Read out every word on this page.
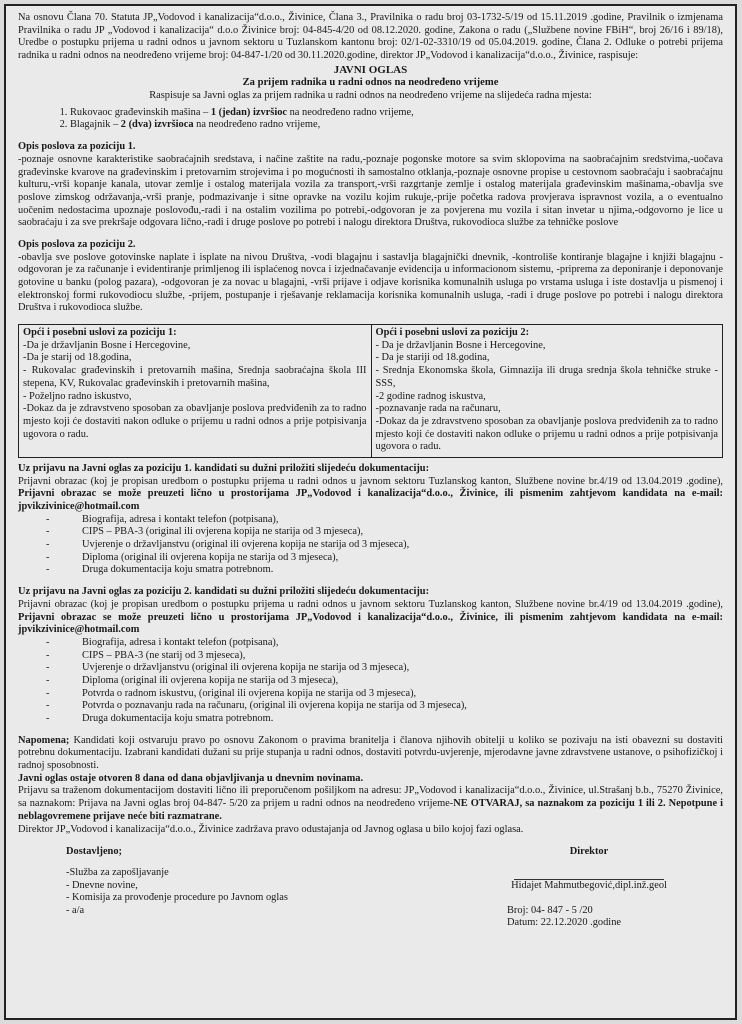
Na osnovu Člana 70. Statuta JP„Vodovod i kanalizacija“d.o.o., Živinice, Člana 3., Pravilnika o radu broj 03-1732-5/19 od 15.11.2019 .godine, Pravilnik o izmjenama Pravilnika o radu JP „Vodovod i kanalizacija“ d.o.o Živinice broj: 04-845-4/20 od 08.12.2020. godine, Zakona o radu („Službene novine FBiH“, broj 26/16 i 89/18), Uredbe o postupku prijema u radni odnos u javnom sektoru u Tuzlanskom kantonu broj: 02/1-02-3310/19 od 05.04.2019. godine, Člana 2. Odluke o potrebi prijema radnika u radni odnos na neodređeno vrijeme broj: 04-847-1/20 od 30.11.2020.godine, direktor JP„Vodovod i kanalizacija“d.o.o., Živinice, raspisuje:

JAVNI OGLAS

Za prijem radnika u radni odnos na neodređeno vrijeme

Raspisuje sa Javni oglas za prijem radnika u radni odnos na neodređeno vrijeme na slijedeća radna mjesta:

1. Rukovaoc građevinskih mašina – 1 (jedan) izvršioc na neodređeno radno vrijeme,
2. Blagajnik – 2 (dva) izvršioca na neodređeno radno vrijeme,

Opis poslova za poziciju 1.

-poznaje osnovne karakteristike saobraćajnih sredstava, i načine zaštite na radu,-poznaje pogonske motore sa svim sklopovima na saobraćajnim sredstvima,-uočava građevinske kvarove na građevinskim i pretovarnim strojevima i po mogućnosti ih samostalno otklanja,-poznaje osnovne propise u cestovnom saobraćaju i saobraćajnu kulturu,-vrši kopanje kanala, utovar zemlje i ostalog materijala vozila za transport,-vrši razgrtanje zemlje i ostalog materijala građevinskim mašinama,-obavlja sve poslove zimskog održavanja,-vrši pranje, podmazivanje i sitne opravke na vozilu kojim rukuje,-prije početka radova provjerava ispravnost vozila, a o eventualno uočenim nedostacima upoznaje poslovođu,-radi i na ostalim vozilima po potrebi,-odgovoran je za povjerena mu vozila i sitan invetar u njima,-odgovorno je lice u saobraćaju i za sve prekršaje odgovara lično,-radi i druge poslove po potrebi i nalogu direktora Društva, rukovodioca službe za tehničke poslove

Opis poslova za poziciju 2.

-obavlja sve poslove gotovinske naplate i isplate na nivou Društva, -vodi blagajnu i sastavlja blagajnički dnevnik, -kontroliše kontiranje blagajne i knjiži blagajnu -odgovoran je za računanje i evidentiranje primljenog ili isplaćenog novca i izjednačavanje evidencija u informacionom sistemu, -priprema za deponiranje i deponovanje gotovine u banku (polog pazara), -odgovoran je za novac u blagajni, -vrši prijave i odjave korisnika komunalnih usluga po vrstama usluga i iste dostavlja u pismenoj i elektronskoj formi rukovodiocu službe, -prijem, postupanje i rješavanje reklamacija korisnika komunalnih usluga, -radi i druge poslove po potrebi i nalogu direktora Društva i rukovodioca službe.

Opći i posebni uslovi za poziciju 1:

-Da je državljanin Bosne i Hercegovine,

-Da je starij od 18.godina,

- Rukovalac građevinskih i pretovarnih mašina, Srednja saobraćajna škola III stepena, KV, Rukovalac građevinskih i pretovarnih mašina,

- Poželjno radno iskustvo,

-Dokaz da je zdravstveno sposoban za obavljanje poslova predviđenih za to radno mjesto koji će dostaviti nakon odluke o prijemu u radni odnos a prije potpisivanja ugovora o radu.

Opći i posebni uslovi za poziciju 2:

- Da je državljanin Bosne i Hercegovine,

- Da je stariji od 18.godina,

- Srednja Ekonomska škola, Gimnazija ili druga srednja škola tehničke struke - SSS,

-2 godine radnog iskustva,

-poznavanje rada na računaru,

-Dokaz da je zdravstveno sposoban za obavljanje poslova predviđenih za to radno mjesto koji će dostaviti nakon odluke o prijemu u radni odnos a prije potpisivanja ugovora o radu.

Uz prijavu na Javni oglas za poziciju 1. kandidati su dužni priložiti slijedeću dokumentaciju:

Prijavni obrazac (koj je propisan uredbom o postupku prijema u radni odnos u javnom sektoru Tuzlanskog kanton, Službene novine br.4/19 od 13.04.2019 .godine), Prijavni obrazac se može preuzeti lično u prostorijama JP„Vodovod i kanalizacija“d.o.o., Živinice, ili pismenim zahtjevom kandidata na e-mail: jpvikzivinice@hotmail.com

- Biografija, adresa i kontakt telefon (potpisana),
- CIPS – PBA-3 (original ili ovjerena kopija ne starija od 3 mjeseca),
- Uvjerenje o državljanstvu (original ili ovjerena kopija ne starija od 3 mjeseca),
- Diploma (original ili ovjerena kopija ne starija od 3 mjeseca),
- Druga dokumentacija koju smatra potrebnom.

Uz prijavu na Javni oglas za poziciju 2. kandidati su dužni priložiti slijedeću dokumentaciju:

Prijavni obrazac (koj je propisan uredbom o postupku prijema u radni odnos u javnom sektoru Tuzlanskog kanton, Službene novine br.4/19 od 13.04.2019 .godine), Prijavni obrazac se može preuzeti lično u prostorijama JP„Vodovod i kanalizacija“d.o.o., Živinice, ili pismenim zahtjevom kandidata na e-mail: jpvikzivinice@hotmail.com

- Biografija, adresa i kontakt telefon (potpisana),
- CIPS – PBA-3 (ne starij od 3 mjeseca),
- Uvjerenje o državljanstvu (original ili ovjerena kopija ne starija od 3 mjeseca),
- Diploma (original ili ovjerena kopija ne starija od 3 mjeseca),
- Potvrda o radnom iskustvu, (original ili ovjerena kopija ne starija od 3 mjeseca),
- Potvrda o poznavanju rada na računaru, (original ili ovjerena kopija ne starija od 3 mjeseca),
- Druga dokumentacija koju smatra potrebnom.

Napomena; Kandidati koji ostvaruju pravo po osnovu Zakonom o pravima branitelja i članova njihovih obitelji u koliko se pozivaju na isti obavezni su dostaviti potrebnu dokumentaciju. Izabrani kandidati dužani su prije stupanja u radni odnos, dostaviti potvrdu-uvjerenje, mjerodavne javne zdravstvene ustanove, o psihofizičkoj i radnoj sposobnosti.

Javni oglas ostaje otvoren 8 dana od dana objavljivanja u dnevnim novinama.

Prijavu sa traženom dokumentacijom dostaviti lično ili preporučenom pošiljkom na adresu: JP„Vodovod i kanalizacija“d.o.o., Živinice, ul.Strašanj b.b., 75270 Živinice, sa naznakom: Prijava na Javni oglas broj 04-847- 5/20 za prijem u radni odnos na neodređeno vrijeme-NE OTVARAJ, sa naznakom za poziciju 1 ili 2. Nepotpune i neblagovremene prijave neće biti razmatrane.

Direktor JP„Vodovod i kanalizacija“d.o.o., Živinice zadržava pravo odustajanja od Javnog oglasa u bilo kojoj fazi oglasa.

Dostavljeno;

-Služba za zapošljavanje

- Dnevne novine,

- Komisija za provođenje procedure po Javnom oglas

- a/a

Direktor

Hidajet Mahmutbegović,dipl.inž.geol

Broj: 04- 847 - 5 /20

Datum: 22.12.2020 .godine
